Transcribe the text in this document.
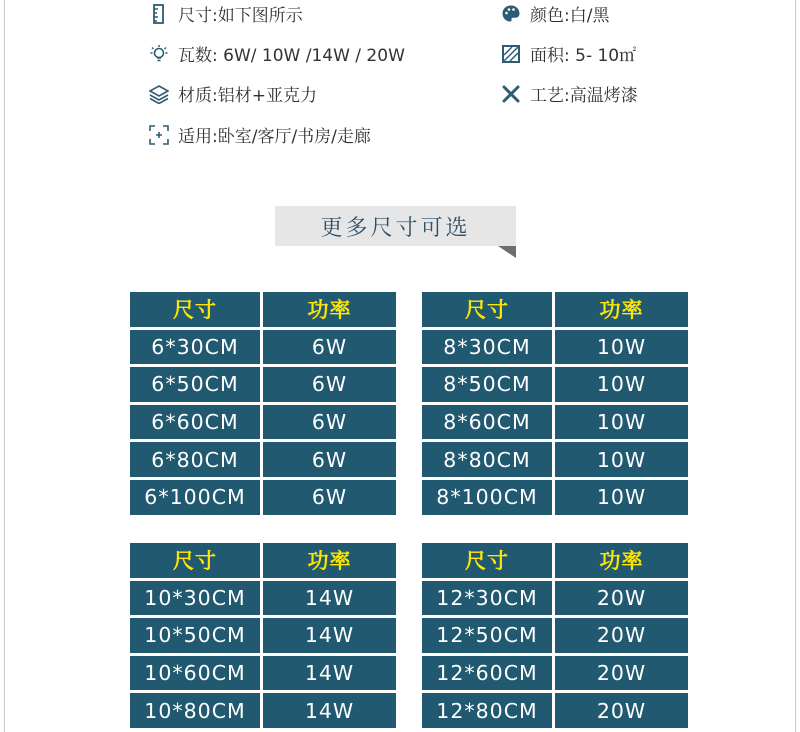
尺寸:如下图所示
瓦数: 6W/ 10W /14W / 20W
材质:铝材+亚克力
适用:卧室/客厅/书房/走廊
颜色:白/黑
面积: 5- 10㎡
工艺:高温烤漆
更多尺寸可选
尺寸	功率
6*30CM	6W
6*50CM	6W
6*60CM	6W
6*80CM	6W
6*100CM	6W
尺寸	功率
8*30CM	10W
8*50CM	10W
8*60CM	10W
8*80CM	10W
8*100CM	10W
尺寸	功率
10*30CM	14W
10*50CM	14W
10*60CM	14W
10*80CM	14W
尺寸	功率
12*30CM	20W
12*50CM	20W
12*60CM	20W
12*80CM	20W
